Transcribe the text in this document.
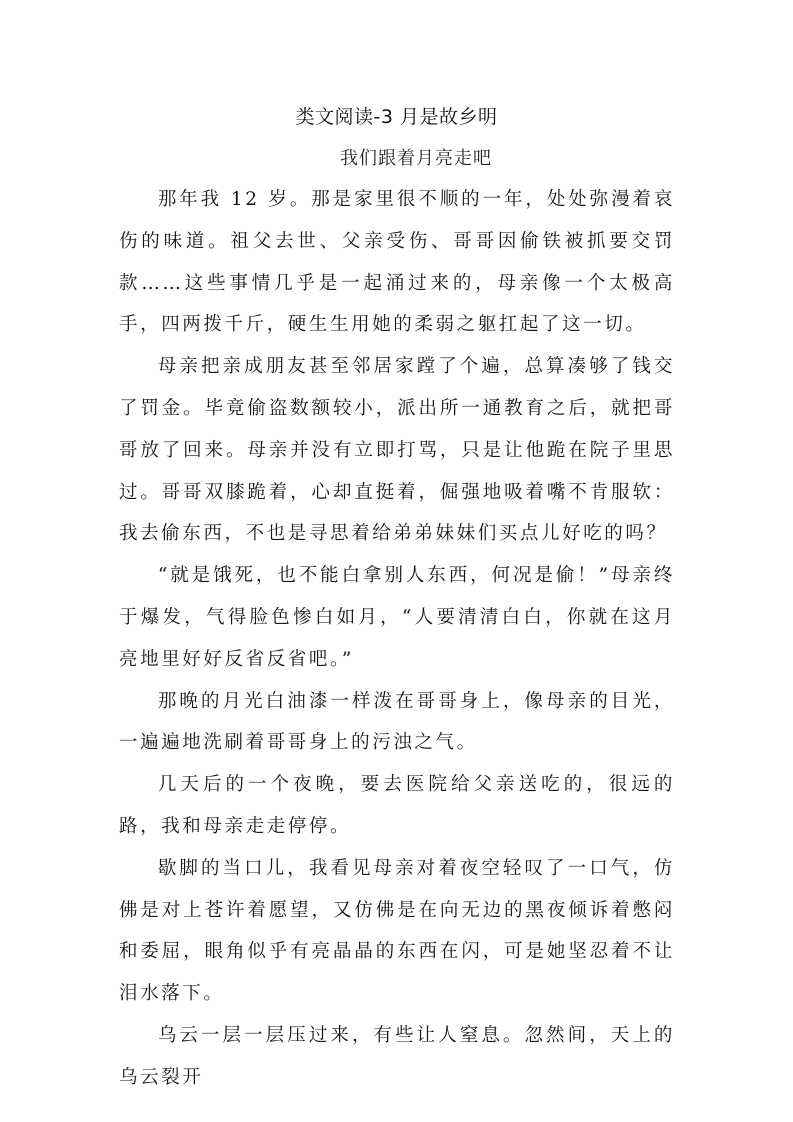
类文阅读-3 月是故乡明
我们跟着月亮走吧

那年我 12 岁。那是家里很不顺的一年，处处弥漫着哀伤的味道。祖父去世、父亲受伤、哥哥因偷铁被抓要交罚款……这些事情几乎是一起涌过来的，母亲像一个太极高手，四两拨千斤，硬生生用她的柔弱之躯扛起了这一切。

母亲把亲成朋友甚至邻居家蹚了个遍，总算凑够了钱交了罚金。毕竟偷盗数额较小，派出所一通教育之后，就把哥哥放了回来。母亲并没有立即打骂，只是让他跪在院子里思过。哥哥双膝跪着，心却直挺着，倔强地吸着嘴不肯服软：我去偷东西，不也是寻思着给弟弟妹妹们买点儿好吃的吗？

“就是饿死，也不能白拿别人东西，何况是偷！”母亲终于爆发，气得脸色惨白如月，“人要清清白白，你就在这月亮地里好好反省反省吧。”

那晚的月光白油漆一样泼在哥哥身上，像母亲的目光，一遍遍地洗刷着哥哥身上的污浊之气。

几天后的一个夜晚，要去医院给父亲送吃的，很远的路，我和母亲走走停停。

歇脚的当口儿，我看见母亲对着夜空轻叹了一口气，仿佛是对上苍许着愿望，又仿佛是在向无边的黑夜倾诉着憋闷和委屈，眼角似乎有亮晶晶的东西在闪，可是她坚忍着不让泪水落下。

乌云一层一层压过来，有些让人窒息。忽然间，天上的乌云裂开
